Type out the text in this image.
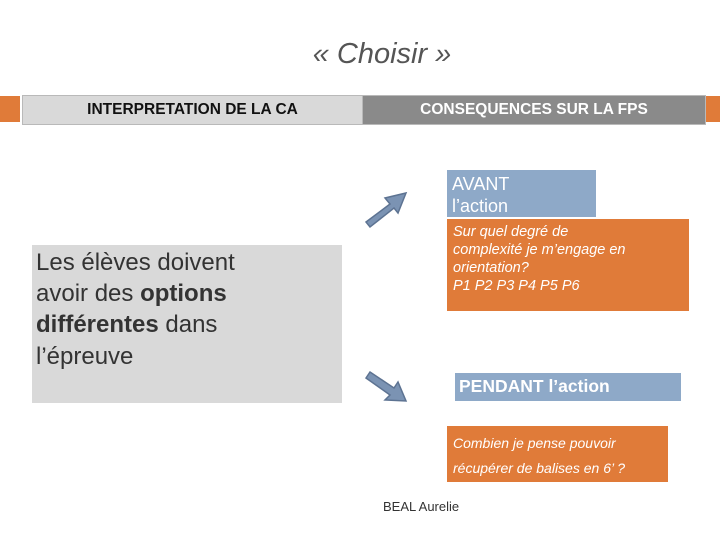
« Choisir »
INTERPRETATION DE LA CA	CONSEQUENCES SUR LA FPS
AVANT
l’action
Sur quel degré de
complexité je m’engage en
orientation?
P1 P2 P3 P4 P5 P6
Les élèves doivent
avoir des options
différentes dans
l’épreuve
PENDANT l’action
Combien je pense pouvoir
récupérer de balises en 6’ ?
BEAL Aurelie
